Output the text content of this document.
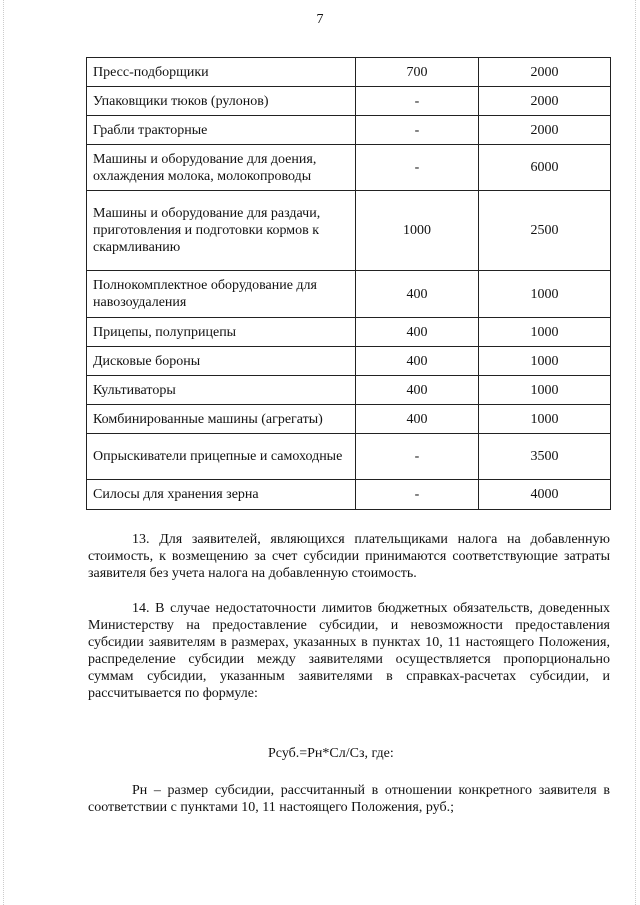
7
Пресс-подборщики	700	2000
Упаковщики тюков (рулонов)	-	2000
Грабли тракторные	-	2000
Машины и оборудование для доения, охлаждения молока, молокопроводы	-	6000
Машины и оборудование для раздачи, приготовления и подготовки кормов к скармливанию	1000	2500
Полнокомплектное оборудование для навозоудаления	400	1000
Прицепы, полуприцепы	400	1000
Дисковые бороны	400	1000
Культиваторы	400	1000
Комбинированные машины (агрегаты)	400	1000
Опрыскиватели прицепные и самоходные	-	3500
Силосы для хранения зерна	-	4000
13. Для заявителей, являющихся плательщиками налога на добавленную стоимость, к возмещению за счет субсидии принимаются соответствующие затраты заявителя без учета налога на добавленную стоимость.
14. В случае недостаточности лимитов бюджетных обязательств, доведенных Министерству на предоставление субсидии, и невозможности предоставления субсидии заявителям в размерах, указанных в пунктах 10, 11 настоящего Положения, распределение субсидии между заявителями осуществляется пропорционально суммам субсидии, указанным заявителями в справках-расчетах субсидии, и рассчитывается по формуле:
Рсуб.=Рн*Сл/Сз, где:
Рн – размер субсидии, рассчитанный в отношении конкретного заявителя в соответствии с пунктами 10, 11 настоящего Положения, руб.;
